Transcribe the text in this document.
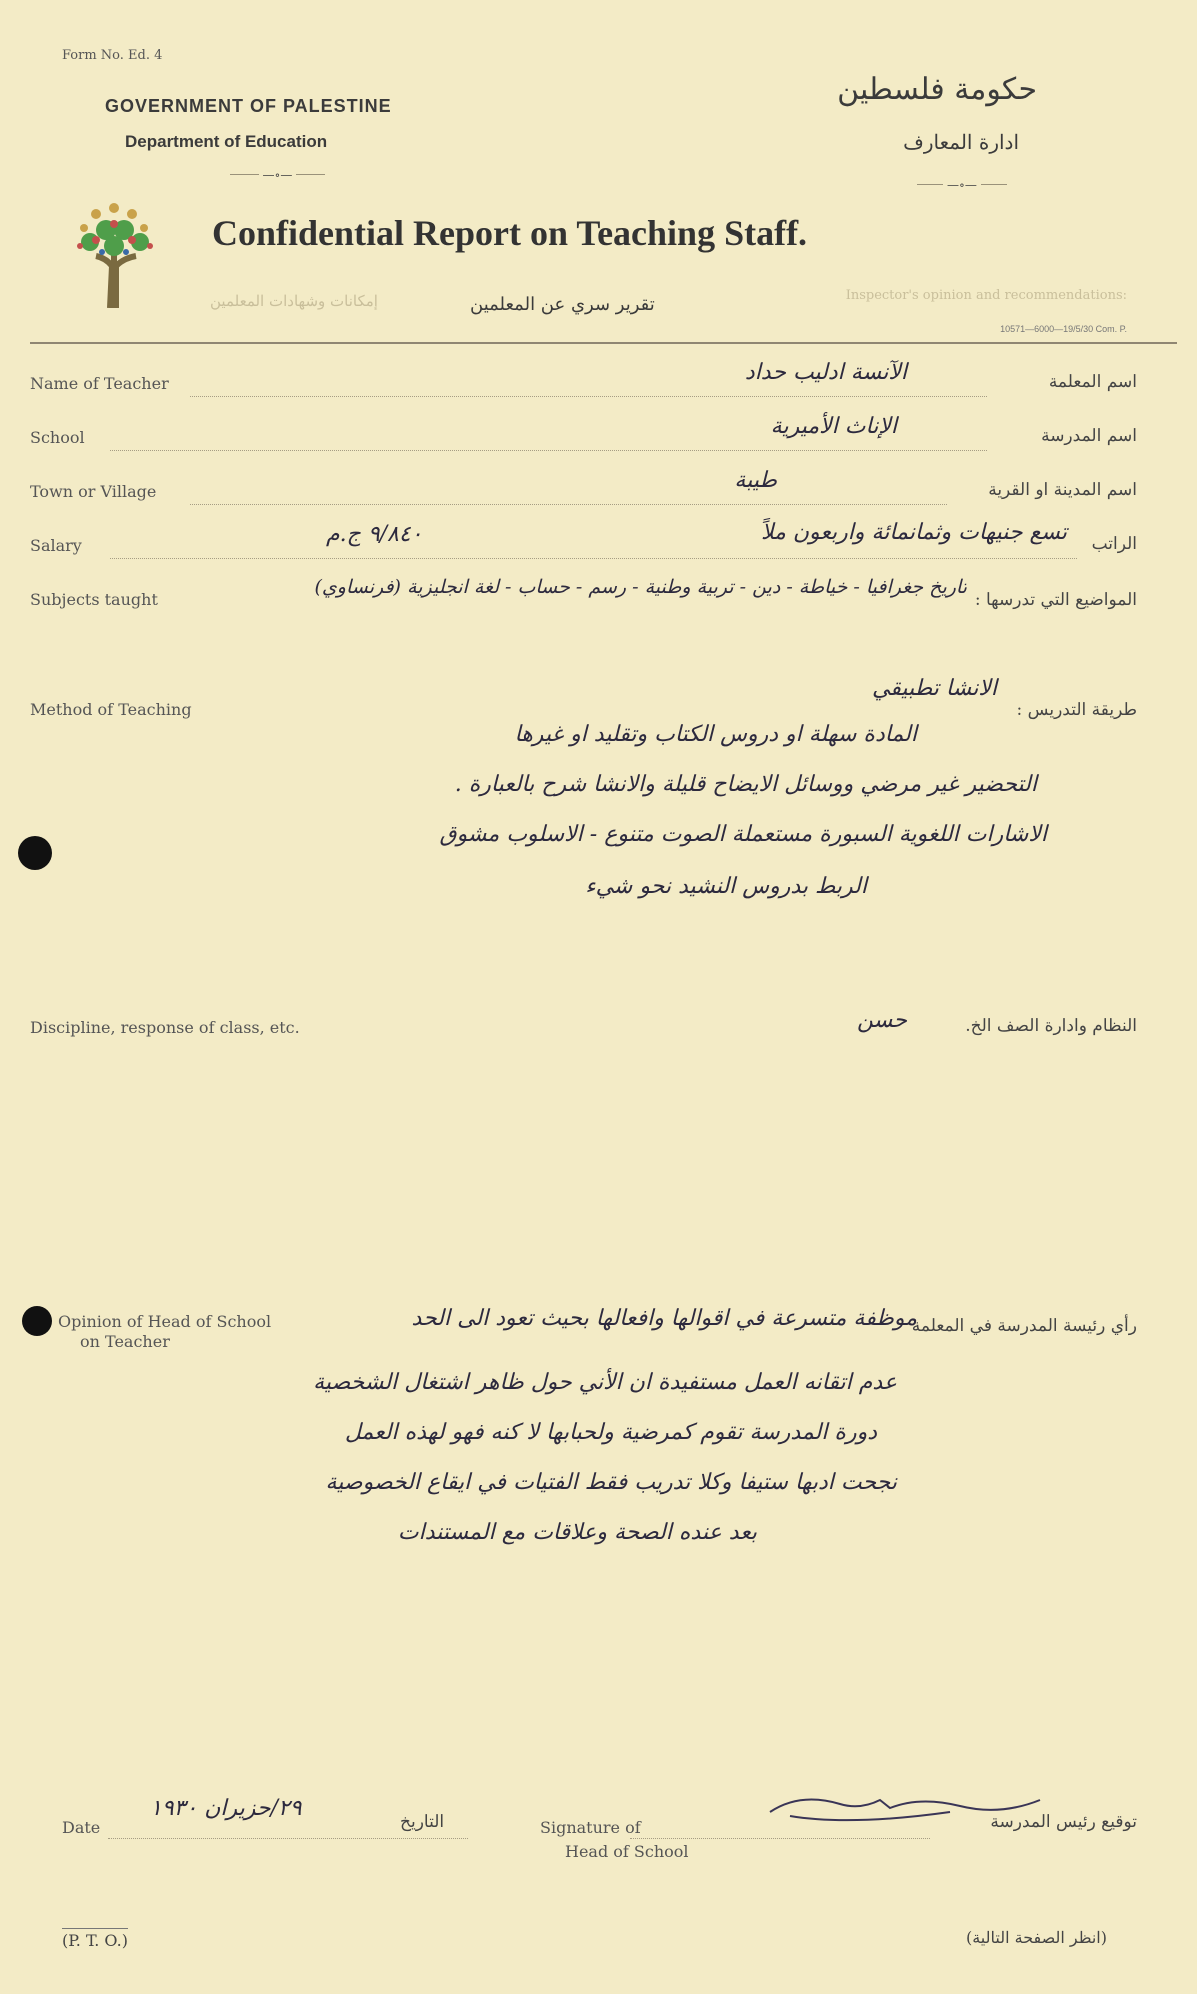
Form No. Ed. 4
GOVERNMENT OF PALESTINE
Department of Education
—∘—
حكومة فلسطين
ادارة المعارف
—∘—
Confidential Report on Teaching Staff.
إمكانات وشهادات المعلمين	تقرير سري عن المعلمين	Inspector's opinion and recommendations:
10571—6000—19/5/30 Com. P.
Name of Teacher	الآنسة ادليب حداد	اسم المعلمة
School	الإناث الأميرية	اسم المدرسة
Town or Village	طيبة	اسم المدينة او القرية
Salary	٩/٨٤٠ ج.م	تسع جنيهات وثمانمائة واربعون ملاً الراتب
Subjects taught
تاريخ جغرافيا - خياطة - دين - تربية وطنية - رسم - حساب - لغة انجليزية (فرنساوي)
المواضيع التي تدرسها :
Method of Teaching	طريقة التدريس :
الانشا تطبيقي
المادة سهلة او دروس الكتاب وتقليد او غيرها
التحضير غير مرضي ووسائل الايضاح قليلة والانشا شرح بالعبارة .
الاشارات اللغوية السبورة مستعملة الصوت متنوع - الاسلوب مشوق
الربط بدروس النشيد نحو شيء
Discipline, response of class, etc.	حسن	النظام وادارة الصف الخ.
Opinion of Head of School
on Teacher
رأي رئيسة المدرسة في المعلمة
موظفة متسرعة في اقوالها وافعالها بحيث تعود الى الحد
عدم اتقانه العمل مستفيدة ان الأني حول ظاهر اشتغال الشخصية
دورة المدرسة تقوم كمرضية ولحبابها لا كنه فهو لهذه العمل
نجحت ادبها ستيفا وكلا تدريب فقط الفتيات في ايقاع الخصوصية
بعد عنده الصحة وعلاقات مع المستندات
Date
٢٩/حزيران ١٩٣٠
التاريخ	Signature of
Head of School
توقيع رئيس المدرسة
(P. T. O.)	(انظر الصفحة التالية)
